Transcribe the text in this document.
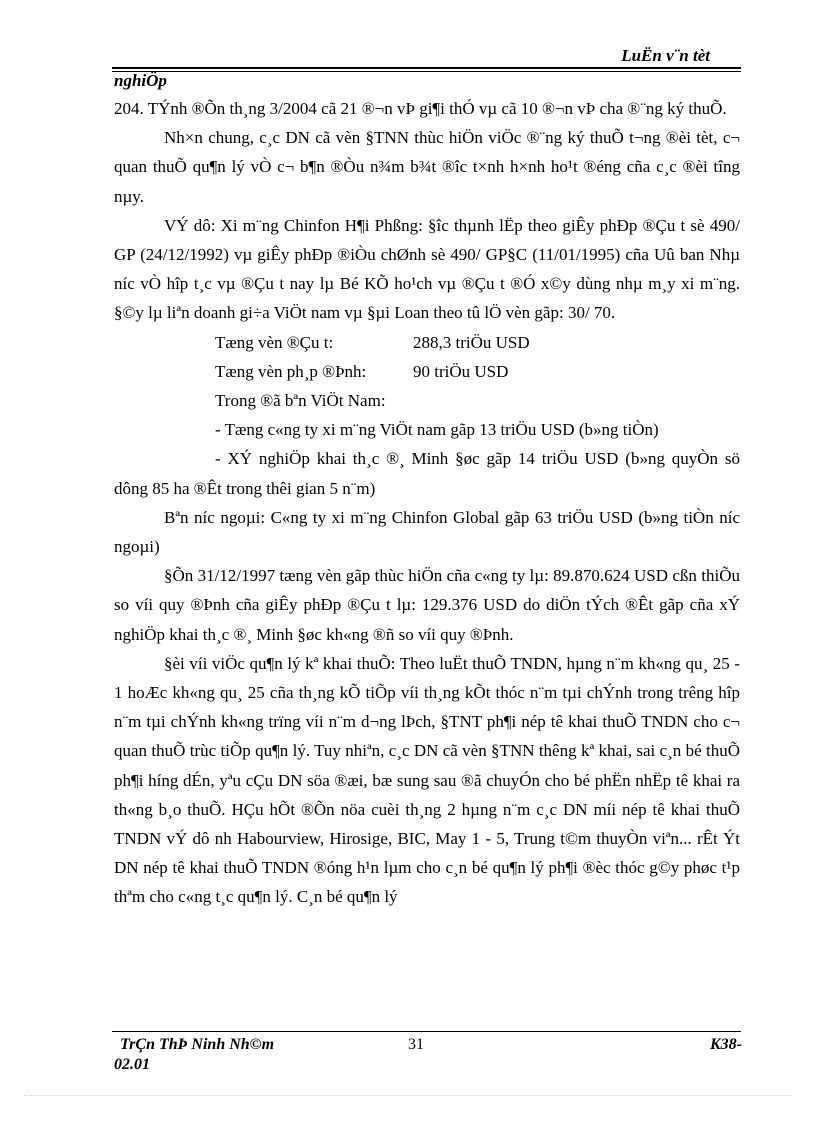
LuËn v¨n tèt
nghiÖp

204. TÝnh ®Õn th¸ng 3/2004 cã 21 ®¬n vÞ gi¶i thÓ vµ cã 10 ®¬n vÞ cha ®¨ng ký thuÕ.

Nh×n chung, c¸c DN cã vèn §TNN thùc hiÖn viÖc ®¨ng ký thuÕ t¬ng ®èi tèt, c¬ quan thuÕ qu¶n lý vÒ c¬ b¶n ®Òu n¾m b¾t ®îc t×nh h×nh ho¹t ®éng cña c¸c ®èi tîng nµy.

VÝ dô: Xi m¨ng Chinfon H¶i Phßng: §îc thµnh lËp theo giÊy phÐp ®Çu t sè 490/ GP (24/12/1992) vµ giÊy phÐp ®iÒu chØnh sè 490/ GP§C (11/01/1995) cña Uû ban Nhµ níc vÒ hîp t¸c vµ ®Çu t nay lµ Bé KÕ ho¹ch vµ ®Çu t ®Ó x©y dùng nhµ m¸y xi m¨ng. §©y lµ liªn doanh gi÷a ViÖt nam vµ §µi Loan theo tû lÖ vèn gãp: 30/ 70.

Tæng vèn ®Çu t:	288,3 triÖu USD
Tæng vèn ph¸p ®Þnh:	90 triÖu USD

Trong ®ã bªn ViÖt Nam:

- Tæng c«ng ty xi m¨ng ViÖt nam gãp 13 triÖu USD (b»ng tiÒn)

- XÝ nghiÖp khai th¸c ®¸ Minh §øc gãp 14 triÖu USD (b»ng quyÒn sö dông 85 ha ®Êt trong thêi gian 5 n¨m)

Bªn níc ngoµi: C«ng ty xi m¨ng Chinfon Global gãp 63 triÖu USD (b»ng tiÒn níc ngoµi)

§Õn 31/12/1997 tæng vèn gãp thùc hiÖn cña c«ng ty lµ: 89.870.624 USD cßn thiÕu so víi quy ®Þnh cña giÊy phÐp ®Çu t lµ: 129.376 USD do diÖn tÝch ®Êt gãp cña xÝ nghiÖp khai th¸c ®¸ Minh §øc kh«ng ®ñ so víi quy ®Þnh.

§èi víi viÖc qu¶n lý kª khai thuÕ: Theo luËt thuÕ TNDN, hµng n¨m kh«ng qu¸ 25 - 1 hoÆc kh«ng qu¸ 25 cña th¸ng kÕ tiÕp víi th¸ng kÕt thóc n¨m tµi chÝnh trong trêng hîp n¨m tµi chÝnh kh«ng trïng víi n¨m d¬ng lÞch, §TNT ph¶i nép tê khai thuÕ TNDN cho c¬ quan thuÕ trùc tiÕp qu¶n lý. Tuy nhiªn, c¸c DN cã vèn §TNN thêng kª khai, sai c¸n bé thuÕ ph¶i híng dÉn, yªu cÇu DN söa ®æi, bæ sung sau ®ã chuyÓn cho bé phËn nhËp tê khai ra th«ng b¸o thuÕ. HÇu hÕt ®Õn nöa cuèi th¸ng 2 hµng n¨m c¸c DN míi nép tê khai thuÕ TNDN vÝ dô nh Habourview, Hirosige, BIC, May 1 - 5, Trung t©m thuyÒn viªn... rÊt Ýt DN nép tê khai thuÕ TNDN ®óng h¹n lµm cho c¸n bé qu¶n lý ph¶i ®èc thóc g©y phøc t¹p thªm cho c«ng t¸c qu¶n lý. C¸n bé qu¶n lý

TrÇn ThÞ Ninh Nh©m	31	K38-
02.01
